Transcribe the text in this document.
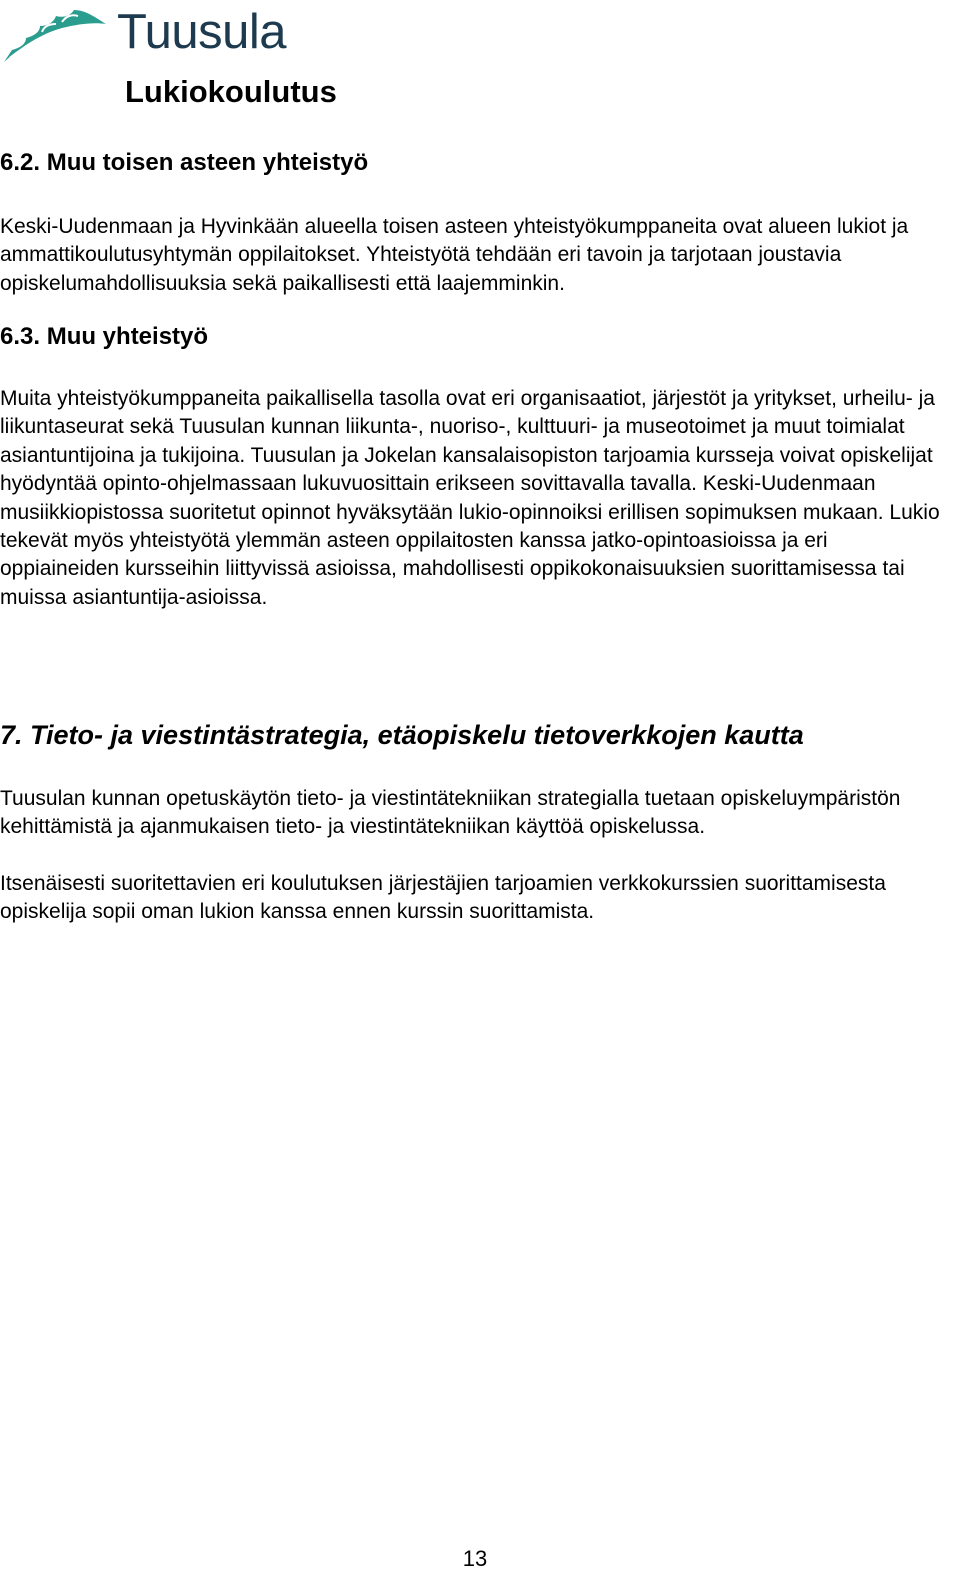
Tuusula
Lukiokoulutus
6.2. Muu toisen asteen yhteistyö

Keski-Uudenmaan ja Hyvinkään alueella toisen asteen yhteistyökumppaneita ovat alueen lukiot ja ammattikoulutusyhtymän oppilaitokset. Yhteistyötä tehdään eri tavoin ja tarjotaan joustavia opiskelumahdollisuuksia sekä paikallisesti että laajemminkin.

6.3. Muu yhteistyö

Muita yhteistyökumppaneita paikallisella tasolla ovat eri organisaatiot, järjestöt ja yritykset, urheilu- ja liikuntaseurat sekä Tuusulan kunnan liikunta-, nuoriso-, kulttuuri- ja museotoimet ja muut toimialat asiantuntijoina ja tukijoina. Tuusulan ja Jokelan kansalaisopiston tarjoamia kursseja voivat opiskelijat hyödyntää opinto-ohjelmassaan lukuvuosittain erikseen sovittavalla tavalla. Keski-Uudenmaan musiikkiopistossa suoritetut opinnot hyväksytään lukio-opinnoiksi erillisen sopimuksen mukaan. Lukio tekevät myös yhteistyötä ylemmän asteen oppilaitosten kanssa jatko-opintoasioissa ja eri oppiaineiden kursseihin liittyvissä asioissa, mahdollisesti oppikokonaisuuksien suorittamisessa tai muissa asiantuntija-asioissa.

7. Tieto- ja viestintästrategia, etäopiskelu tietoverkkojen kautta

Tuusulan kunnan opetuskäytön tieto- ja viestintätekniikan strategialla tuetaan opiskeluympäristön kehittämistä ja ajanmukaisen tieto- ja viestintätekniikan käyttöä opiskelussa.

Itsenäisesti suoritettavien eri koulutuksen järjestäjien tarjoamien verkkokurssien suorittamisesta opiskelija sopii oman lukion kanssa ennen kurssin suorittamista.

13
